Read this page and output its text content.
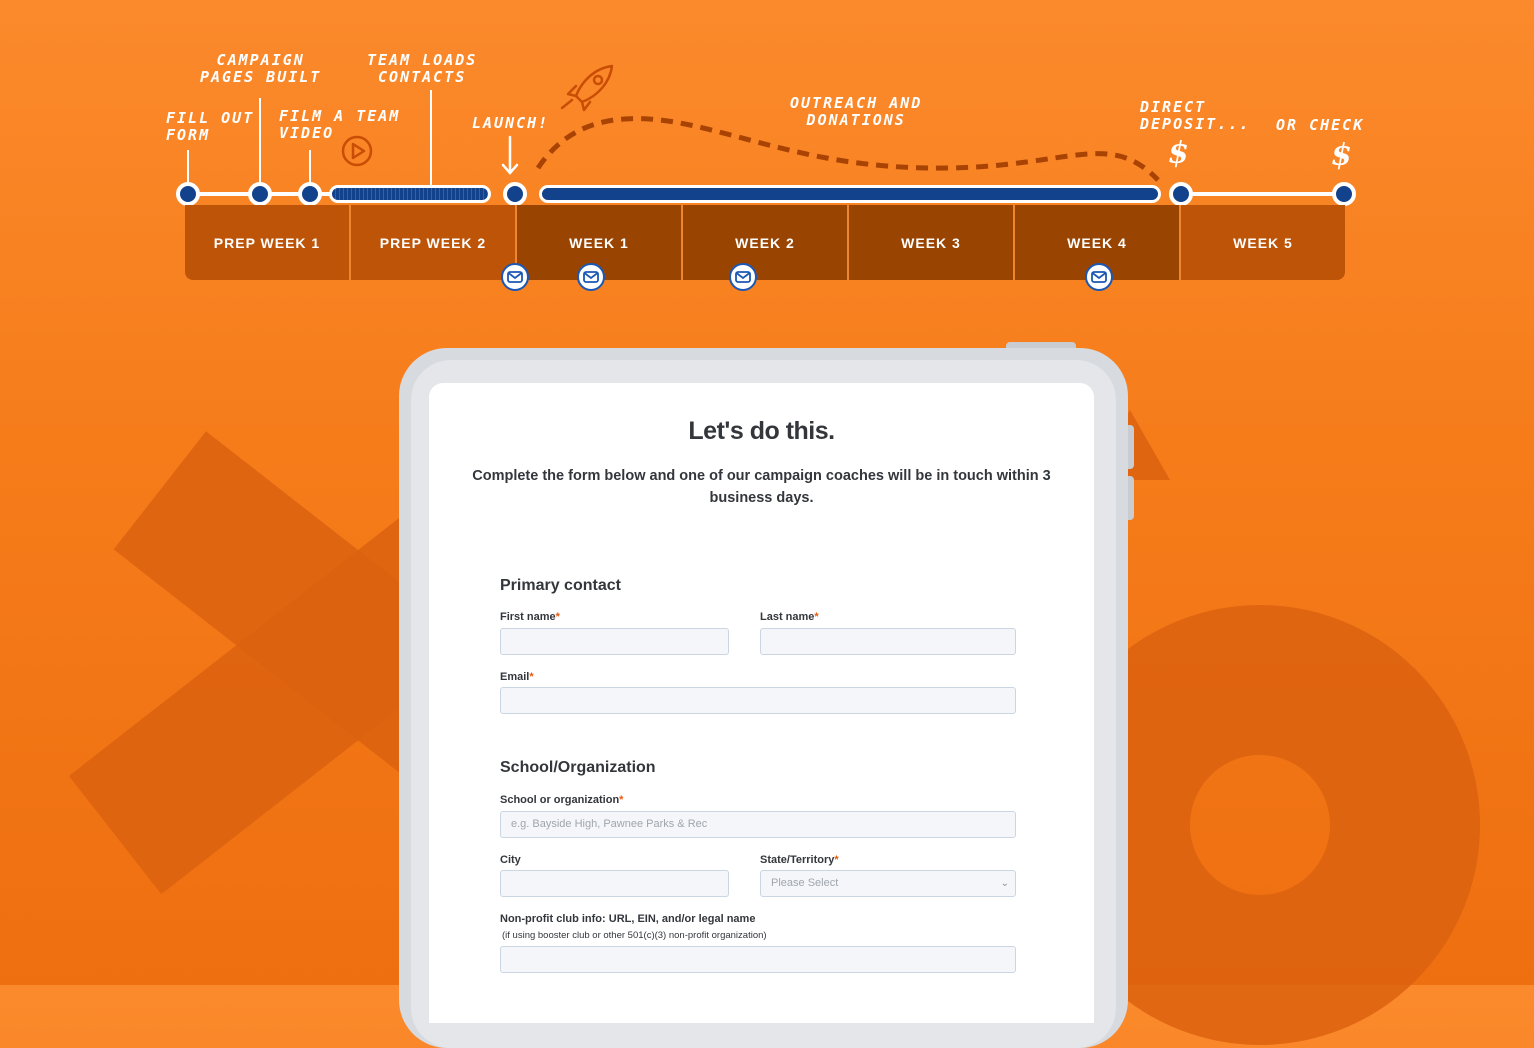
FILL OUT
FORM
CAMPAIGN
PAGES BUILT
FILM A TEAM
VIDEO
TEAM LOADS
CONTACTS
LAUNCH!
OUTREACH AND
DONATIONS
DIRECT
DEPOSIT... OR CHECK
$	$
PREP WEEK 1	PREP WEEK 2	WEEK 1	WEEK 2	WEEK 3	WEEK 4	WEEK 5
Let's do this.
Complete the form below and one of our campaign coaches will be in touch within 3 business days.
Primary contact
First name*	Last name*
Email*
School/Organization
School or organization*
e.g. Bayside High, Pawnee Parks & Rec
City	State/Territory*
Please Select	⌄
Non-profit club info: URL, EIN, and/or legal name
(if using booster club or other 501(c)(3) non-profit organization)
